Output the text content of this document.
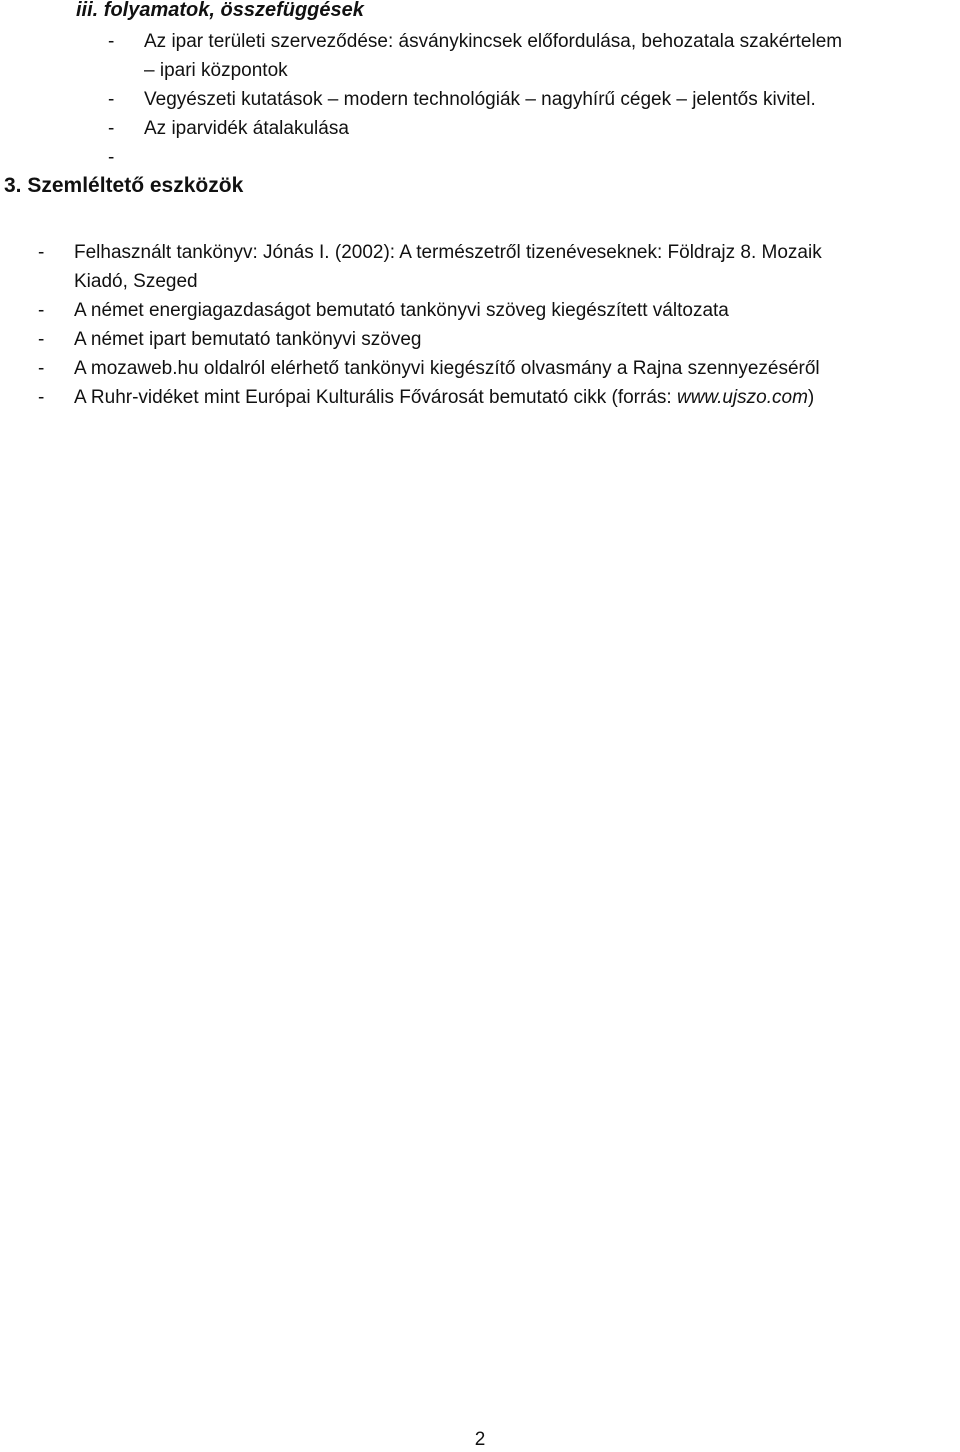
iii. folyamatok, összefüggések
- Az ipar területi szerveződése: ásványkincsek előfordulása, behozatala szakértelem
– ipari központok
- Vegyészeti kutatások – modern technológiák – nagyhírű cégek – jelentős kivitel.
- Az iparvidék átalakulása
-

3. Szemléltető eszközök
- Felhasznált tankönyv: Jónás I. (2002): A természetről tizenéveseknek: Földrajz 8. Mozaik
Kiadó, Szeged
- A német energiagazdaságot bemutató tankönyvi szöveg kiegészített változata
- A német ipart bemutató tankönyvi szöveg
- A mozaweb.hu oldalról elérhető tankönyvi kiegészítő olvasmány a Rajna szennyezéséről
- A Ruhr-vidéket mint Európai Kulturális Fővárosát bemutató cikk (forrás: www.ujszo.com)
2
